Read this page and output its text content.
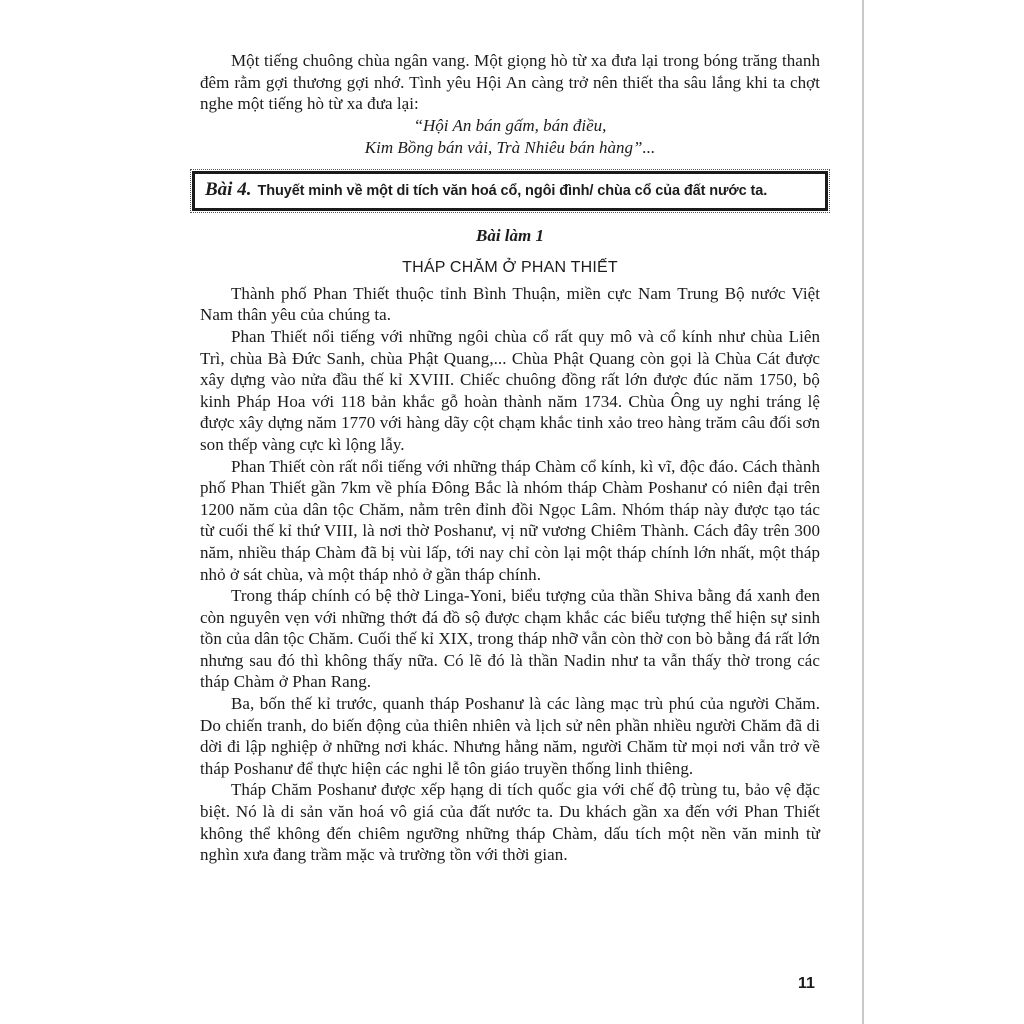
Một tiếng chuông chùa ngân vang. Một giọng hò từ xa đưa lại trong bóng trăng thanh đêm rằm gợi thương gợi nhớ. Tình yêu Hội An càng trở nên thiết tha sâu lắng khi ta chợt nghe một tiếng hò từ xa đưa lại:

“Hội An bán gấm, bán điều,
Kim Bồng bán vải, Trà Nhiêu bán hàng”...
Bài 4. Thuyết minh về một di tích văn hoá cổ, ngôi đình/ chùa cổ của đất nước ta.
Bài làm 1
THÁP CHĂM Ở PHAN THIẾT

Thành phố Phan Thiết thuộc tỉnh Bình Thuận, miền cực Nam Trung Bộ nước Việt Nam thân yêu của chúng ta.

Phan Thiết nổi tiếng với những ngôi chùa cổ rất quy mô và cổ kính như chùa Liên Trì, chùa Bà Đức Sanh, chùa Phật Quang,... Chùa Phật Quang còn gọi là Chùa Cát được xây dựng vào nửa đầu thế kỉ XVIII. Chiếc chuông đồng rất lớn được đúc năm 1750, bộ kinh Pháp Hoa với 118 bản khắc gỗ hoàn thành năm 1734. Chùa Ông uy nghi tráng lệ được xây dựng năm 1770 với hàng dãy cột chạm khắc tinh xảo treo hàng trăm câu đối sơn son thếp vàng cực kì lộng lẫy.

Phan Thiết còn rất nổi tiếng với những tháp Chàm cổ kính, kì vĩ, độc đáo. Cách thành phố Phan Thiết gần 7km về phía Đông Bắc là nhóm tháp Chàm Poshanư có niên đại trên 1200 năm của dân tộc Chăm, nằm trên đỉnh đồi Ngọc Lâm. Nhóm tháp này được tạo tác từ cuối thế kỉ thứ VIII, là nơi thờ Poshanư, vị nữ vương Chiêm Thành. Cách đây trên 300 năm, nhiều tháp Chàm đã bị vùi lấp, tới nay chỉ còn lại một tháp chính lớn nhất, một tháp nhỏ ở sát chùa, và một tháp nhỏ ở gần tháp chính.

Trong tháp chính có bệ thờ Linga-Yoni, biểu tượng của thần Shiva bằng đá xanh đen còn nguyên vẹn với những thớt đá đồ sộ được chạm khắc các biểu tượng thể hiện sự sinh tồn của dân tộc Chăm. Cuối thế kỉ XIX, trong tháp nhỡ vẫn còn thờ con bò bằng đá rất lớn nhưng sau đó thì không thấy nữa. Có lẽ đó là thần Nadin như ta vẫn thấy thờ trong các tháp Chàm ở Phan Rang.

Ba, bốn thế kỉ trước, quanh tháp Poshanư là các làng mạc trù phú của người Chăm. Do chiến tranh, do biến động của thiên nhiên và lịch sử nên phần nhiều người Chăm đã di dời đi lập nghiệp ở những nơi khác. Nhưng hằng năm, người Chăm từ mọi nơi vẫn trở về tháp Poshanư để thực hiện các nghi lễ tôn giáo truyền thống linh thiêng.

Tháp Chăm Poshanư được xếp hạng di tích quốc gia với chế độ trùng tu, bảo vệ đặc biệt. Nó là di sản văn hoá vô giá của đất nước ta. Du khách gần xa đến với Phan Thiết không thể không đến chiêm ngưỡng những tháp Chàm, dấu tích một nền văn minh từ nghìn xưa đang trầm mặc và trường tồn với thời gian.

11
